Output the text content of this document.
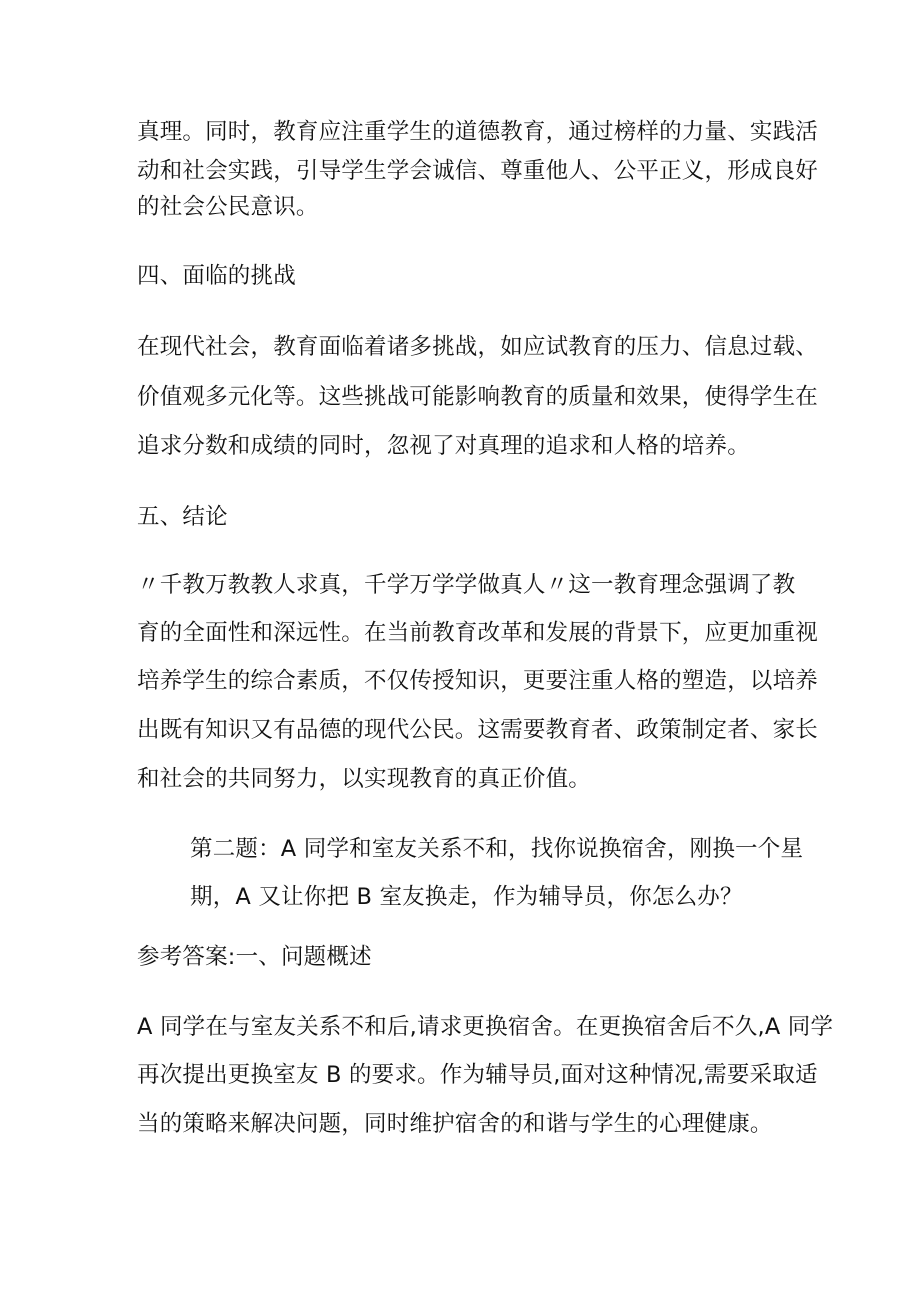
真理。同时，教育应注重学生的道德教育，通过榜样的力量、实践活
动和社会实践，引导学生学会诚信、尊重他人、公平正义，形成良好
的社会公民意识。
四、面临的挑战
在现代社会，教育面临着诸多挑战，如应试教育的压力、信息过载、
价值观多元化等。这些挑战可能影响教育的质量和效果，使得学生在
追求分数和成绩的同时，忽视了对真理的追求和人格的培养。
五、结论
〃千教万教教人求真，千学万学学做真人〃这一教育理念强调了教
育的全面性和深远性。在当前教育改革和发展的背景下，应更加重视
培养学生的综合素质，不仅传授知识，更要注重人格的塑造，以培养
出既有知识又有品德的现代公民。这需要教育者、政策制定者、家长
和社会的共同努力，以实现教育的真正价值。
第二题：A 同学和室友关系不和，找你说换宿舍，刚换一个星
期，A 又让你把 B 室友换走，作为辅导员，你怎么办？
参考答案:一、问题概述
A 同学在与室友关系不和后,请求更换宿舍。在更换宿舍后不久,A 同学
再次提出更换室友 B 的要求。作为辅导员,面对这种情况,需要采取适
当的策略来解决问题，同时维护宿舍的和谐与学生的心理健康。
